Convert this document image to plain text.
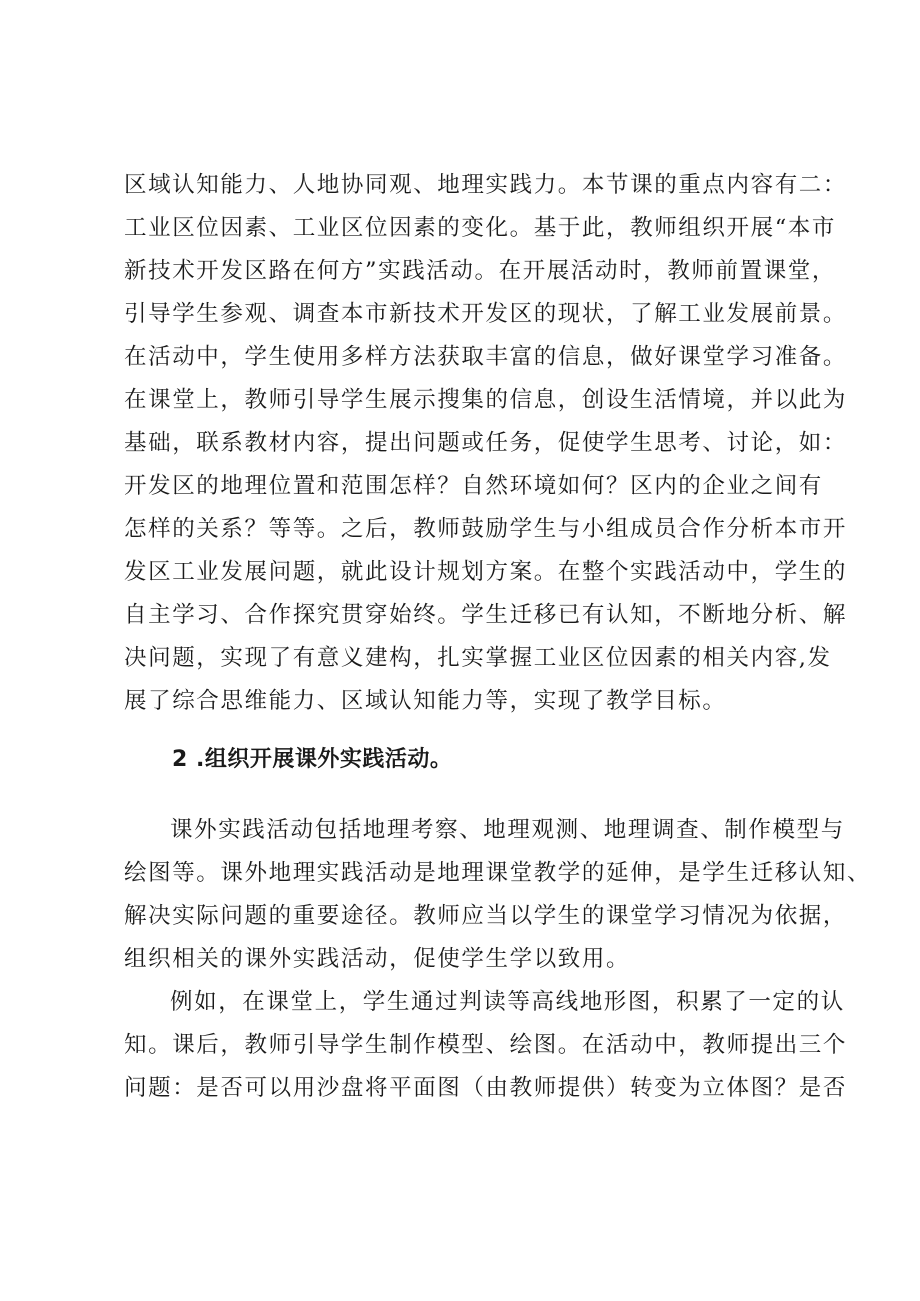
区域认知能力、人地协同观、地理实践力。本节课的重点内容有二：
工业区位因素、工业区位因素的变化。基于此，教师组织开展“本市
新技术开发区路在何方”实践活动。在开展活动时，教师前置课堂，
引导学生参观、调查本市新技术开发区的现状，了解工业发展前景。
在活动中，学生使用多样方法获取丰富的信息，做好课堂学习准备。
在课堂上，教师引导学生展示搜集的信息，创设生活情境，并以此为
基础，联系教材内容，提出问题或任务，促使学生思考、讨论，如：
开发区的地理位置和范围怎样？自然环境如何？区内的企业之间有
怎样的关系？等等。之后，教师鼓励学生与小组成员合作分析本市开
发区工业发展问题，就此设计规划方案。在整个实践活动中，学生的
自主学习、合作探究贯穿始终。学生迁移已有认知，不断地分析、解
决问题，实现了有意义建构，扎实掌握工业区位因素的相关内容,发
展了综合思维能力、区域认知能力等，实现了教学目标。
2 .组织开展课外实践活动。
课外实践活动包括地理考察、地理观测、地理调查、制作模型与
绘图等。课外地理实践活动是地理课堂教学的延伸，是学生迁移认知、
解决实际问题的重要途径。教师应当以学生的课堂学习情况为依据，
组织相关的课外实践活动，促使学生学以致用。
例如，在课堂上，学生通过判读等高线地形图，积累了一定的认
知。课后，教师引导学生制作模型、绘图。在活动中，教师提出三个
问题：是否可以用沙盘将平面图（由教师提供）转变为立体图？是否
